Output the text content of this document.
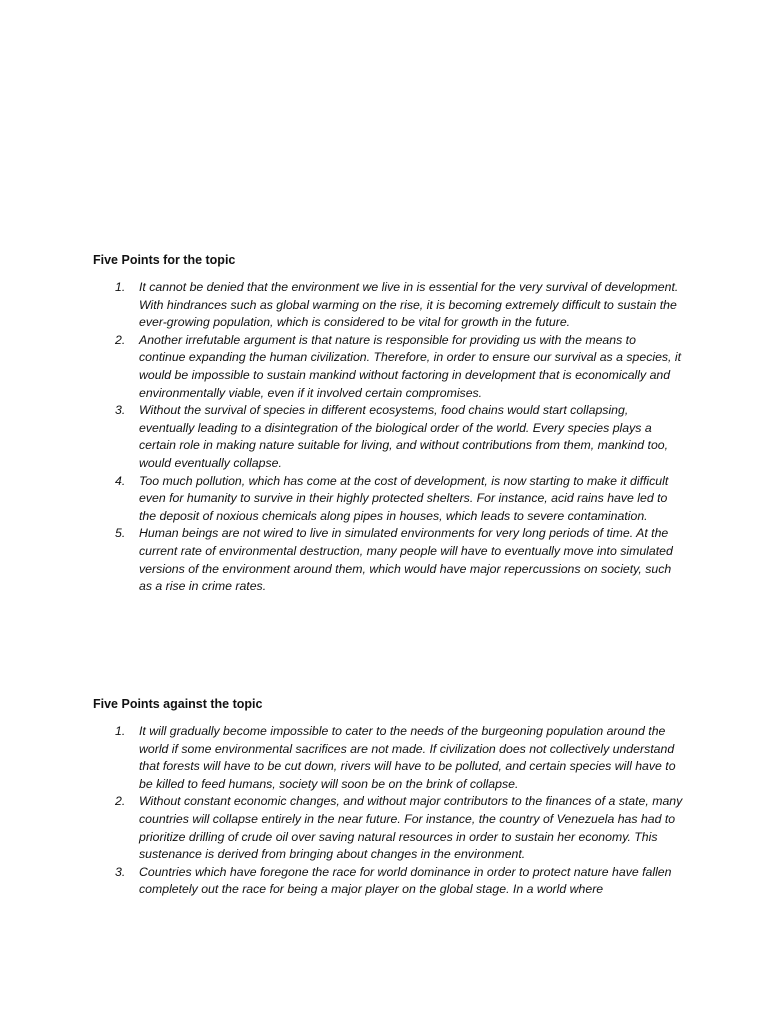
Five Points for the topic
1. It cannot be denied that the environment we live in is essential for the very survival of development. With hindrances such as global warming on the rise, it is becoming extremely difficult to sustain the ever-growing population, which is considered to be vital for growth in the future.
2. Another irrefutable argument is that nature is responsible for providing us with the means to continue expanding the human civilization. Therefore, in order to ensure our survival as a species, it would be impossible to sustain mankind without factoring in development that is economically and environmentally viable, even if it involved certain compromises.
3. Without the survival of species in different ecosystems, food chains would start collapsing, eventually leading to a disintegration of the biological order of the world. Every species plays a certain role in making nature suitable for living, and without contributions from them, mankind too, would eventually collapse.
4. Too much pollution, which has come at the cost of development, is now starting to make it difficult even for humanity to survive in their highly protected shelters. For instance, acid rains have led to the deposit of noxious chemicals along pipes in houses, which leads to severe contamination.
5. Human beings are not wired to live in simulated environments for very long periods of time. At the current rate of environmental destruction, many people will have to eventually move into simulated versions of the environment around them, which would have major repercussions on society, such as a rise in crime rates.
Five Points against the topic
1. It will gradually become impossible to cater to the needs of the burgeoning population around the world if some environmental sacrifices are not made. If civilization does not collectively understand that forests will have to be cut down, rivers will have to be polluted, and certain species will have to be killed to feed humans, society will soon be on the brink of collapse.
2. Without constant economic changes, and without major contributors to the finances of a state, many countries will collapse entirely in the near future. For instance, the country of Venezuela has had to prioritize drilling of crude oil over saving natural resources in order to sustain her economy. This sustenance is derived from bringing about changes in the environment.
3. Countries which have foregone the race for world dominance in order to protect nature have fallen completely out the race for being a major player on the global stage. In a world where
